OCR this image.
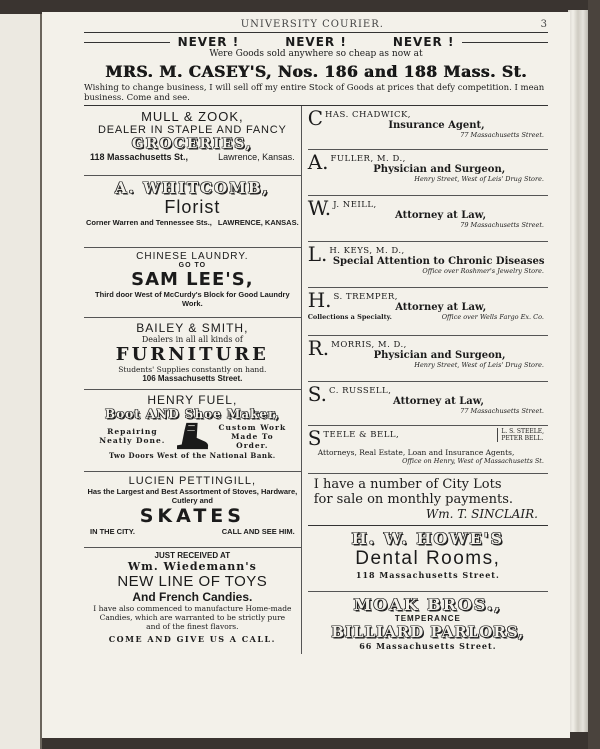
UNIVERSITY COURIER.	3
NEVER !	NEVER !	NEVER !
Were Goods sold anywhere so cheap as now at
MRS. M. CASEY'S, Nos. 186 and 188 Mass. St.
Wishing to change business, I will sell off my entire Stock of Goods at prices that defy competition. I mean business. Come and see.
MULL & ZOOK,
DEALER IN STAPLE AND FANCY
GROCERIES,
118 Massachusetts St.,	Lawrence, Kansas.
A. WHITCOMB,
Florist
Corner Warren and Tennessee Sts., LAWRENCE, KANSAS.
CHINESE LAUNDRY.
GO TO
SAM LEE'S,
Third door West of McCurdy's Block for Good Laundry Work.
BAILEY & SMITH,
Dealers in all all kinds of
FURNITURE
Students' Supplies constantly on hand.
106 Massachusetts Street.
HENRY FUEL,
Boot AND Shoe Maker,
Repairing Neatly Done.
Custom Work Made To Order.
Two Doors West of the National Bank.
LUCIEN PETTINGILL,
Has the Largest and Best Assortment of Stoves, Hardware, Cutlery and
SKATES
IN THE CITY.	CALL AND SEE HIM.
JUST RECEIVED AT
Wm. Wiedemann's
NEW LINE OF TOYS
And French Candies.
I have also commenced to manufacture Home-made Candies, which are warranted to be strictly pure and of the finest flavors.
COME AND GIVE US A CALL.
C HAS. CHADWICK,
Insurance Agent,
77 Massachusetts Street.
A. FULLER, M. D.,
Physician and Surgeon,
Henry Street, West of Leis' Drug Store.
W. J. NEILL,
Attorney at Law,
79 Massachusetts Street.
L. H. KEYS, M. D.,
Special Attention to Chronic Diseases
Office over Roshmer's Jewelry Store.
H. S. TREMPER,
Attorney at Law,
Collections a Specialty.	Office over Wells Fargo Ex. Co.
R. MORRIS, M. D.,
Physician and Surgeon,
Henry Street, West of Leis' Drug Store.
S. C. RUSSELL,
Attorney at Law,
77 Massachusetts Street.
S TEELE & BELL,	L. S. STEELE,
PETER BELL.
Attorneys, Real Estate, Loan and Insurance Agents,
Office on Henry, West of Massachusetts St.
I have a number of City Lots
for sale on monthly payments.
Wm. T. SINCLAIR.
H. W. HOWE'S
Dental Rooms,
118 Massachusetts Street.
MOAK BROS.,
TEMPERANCE
BILLIARD PARLORS,
66 Massachusetts Street.
